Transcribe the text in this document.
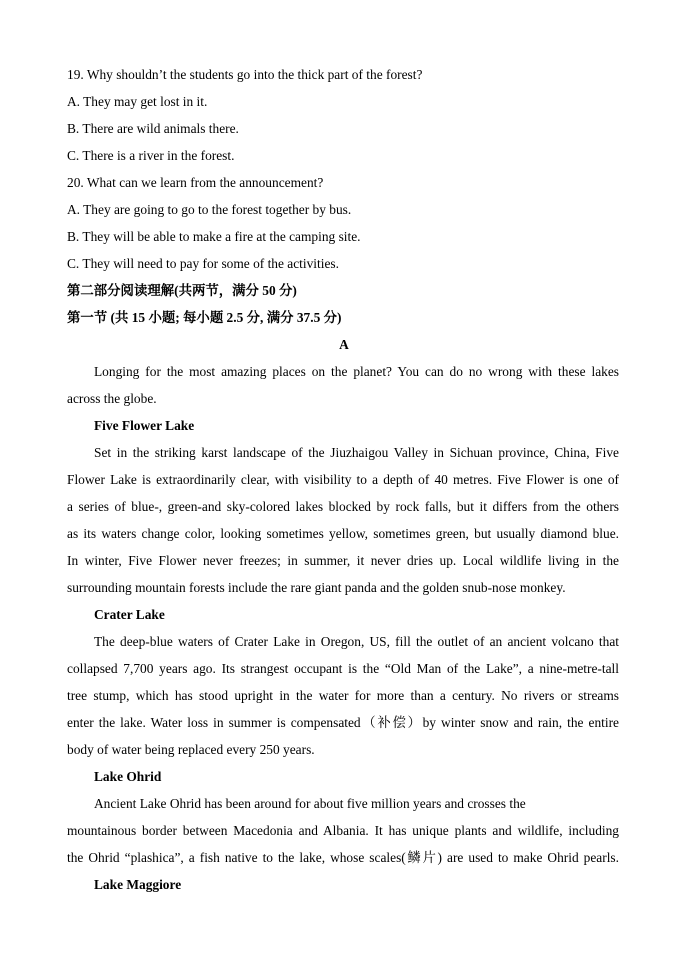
19. Why shouldn’t the students go into the thick part of the forest?
A. They may get lost in it.
B. There are wild animals there.
C. There is a river in the forest.
20. What can we learn from the announcement?
A. They are going to go to the forest together by bus.
B. They will be able to make a fire at the camping site.
C. They will need to pay for some of the activities.
第二部分阅读理解(共两节，满分 50 分)
第一节 (共 15 小题; 每小题 2.5 分, 满分 37.5 分)
A
Longing for the most amazing places on the planet? You can do no wrong with these lakes
across the globe.
Five Flower Lake
Set in the striking karst landscape of the Jiuzhaigou Valley in Sichuan province, China, Five
Flower Lake is extraordinarily clear, with visibility to a depth of 40 metres. Five Flower is one of
a series of blue-, green-and sky-colored lakes blocked by rock falls, but it differs from the others
as its waters change color, looking sometimes yellow, sometimes green, but usually diamond blue.
In winter, Five Flower never freezes; in summer, it never dries up. Local wildlife living in the
surrounding mountain forests include the rare giant panda and the golden snub-nose monkey.
Crater Lake
The deep-blue waters of Crater Lake in Oregon, US, fill the outlet of an ancient volcano that
collapsed 7,700 years ago. Its strangest occupant is the “Old Man of the Lake”, a nine-metre-tall
tree stump, which has stood upright in the water for more than a century. No rivers or streams
enter the lake. Water loss in summer is compensated（补偿）by winter snow and rain, the entire
body of water being replaced every 250 years.
Lake Ohrid
Ancient Lake Ohrid has been around for about five million years and crosses the
mountainous border between Macedonia and Albania. It has unique plants and wildlife, including
the Ohrid “plashica”, a fish native to the lake, whose scales(鳞片) are used to make Ohrid pearls.
Lake Maggiore
